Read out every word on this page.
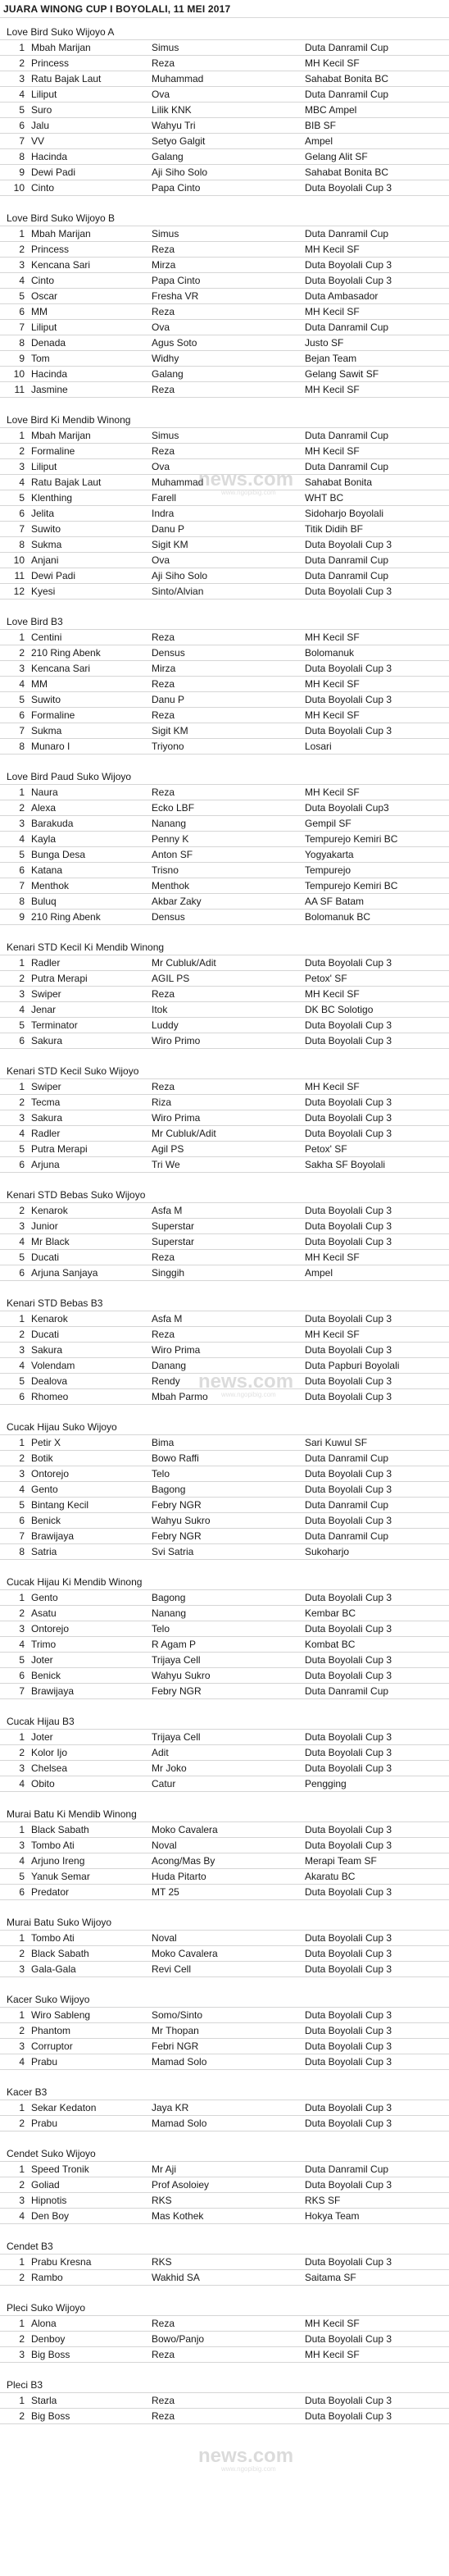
JUARA WINONG CUP I BOYOLALI, 11 MEI 2017
Love Bird Suko Wijoyo A
1 Mbah Marijan	Simus	Duta Danramil Cup
2 Princess	Reza	MH Kecil SF
3 Ratu Bajak Laut	Muhammad	Sahabat Bonita BC
4 Liliput	Ova	Duta Danramil Cup
5 Suro	Lilik KNK	MBC Ampel
6 Jalu	Wahyu Tri	BIB SF
7 VV	Setyo Galgit	Ampel
8 Hacinda	Galang	Gelang Alit SF
9 Dewi Padi	Aji Siho Solo	Sahabat Bonita BC
10 Cinto	Papa Cinto	Duta Boyolali Cup 3
Love Bird Suko Wijoyo B
1 Mbah Marijan	Simus	Duta Danramil Cup
2 Princess	Reza	MH Kecil SF
3 Kencana Sari	Mirza	Duta Boyolali Cup 3
4 Cinto	Papa Cinto	Duta Boyolali Cup 3
5 Oscar	Fresha VR	Duta Ambasador
6 MM	Reza	MH Kecil SF
7 Liliput	Ova	Duta Danramil Cup
8 Denada	Agus Soto	Justo SF
9 Tom	Widhy	Bejan Team
10 Hacinda	Galang	Gelang Sawit SF
11 Jasmine	Reza	MH Kecil SF
Love Bird Ki Mendib Winong
1 Mbah Marijan	Simus	Duta Danramil Cup
2 Formaline	Reza	MH Kecil SF
3 Liliput	Ova	Duta Danramil Cup
4 Ratu Bajak Laut	Muhammad	Sahabat Bonita
5 Klenthing	Farell	WHT BC
6 Jelita	Indra	Sidoharjo Boyolali
7 Suwito	Danu P	Titik Didih BF
8 Sukma	Sigit KM	Duta Boyolali Cup 3
10 Anjani	Ova	Duta Danramil Cup
11 Dewi Padi	Aji Siho Solo	Duta Danramil Cup
12 Kyesi	Sinto/Alvian	Duta Boyolali Cup 3
Love Bird B3
1 Centini	Reza	MH Kecil SF
2 210 Ring Abenk	Densus	Bolomanuk
3 Kencana Sari	Mirza	Duta Boyolali Cup 3
4 MM	Reza	MH Kecil SF
5 Suwito	Danu P	Duta Boyolali Cup 3
6 Formaline	Reza	MH Kecil SF
7 Sukma	Sigit KM	Duta Boyolali Cup 3
8 Munaro I	Triyono	Losari
Love Bird Paud Suko Wijoyo
1 Naura	Reza	MH Kecil SF
2 Alexa	Ecko LBF	Duta Boyolali Cup3
3 Barakuda	Nanang	Gempil SF
4 Kayla	Penny K	Tempurejo Kemiri BC
5 Bunga Desa	Anton SF	Yogyakarta
6 Katana	Trisno	Tempurejo
7 Menthok	Menthok	Tempurejo Kemiri BC
8 Buluq	Akbar Zaky	AA SF Batam
9 210 Ring Abenk	Densus	Bolomanuk BC
Kenari STD Kecil Ki Mendib Winong
1 Radler	Mr Cubluk/Adit	Duta Boyolali Cup 3
2 Putra Merapi	AGIL PS	Petox' SF
3 Swiper	Reza	MH Kecil SF
4 Jenar	Itok	DK BC Solotigo
5 Terminator	Luddy	Duta Boyolali Cup 3
6 Sakura	Wiro Primo	Duta Boyolali Cup 3
Kenari STD Kecil Suko Wijoyo
1 Swiper	Reza	MH Kecil SF
2 Tecma	Riza	Duta Boyolali Cup 3
3 Sakura	Wiro Prima	Duta Boyolali Cup 3
4 Radler	Mr Cubluk/Adit	Duta Boyolali Cup 3
5 Putra Merapi	Agil PS	Petox' SF
6 Arjuna	Tri We	Sakha SF Boyolali
Kenari STD Bebas Suko Wijoyo
2 Kenarok	Asfa M	Duta Boyolali Cup 3
3 Junior	Superstar	Duta Boyolali Cup 3
4 Mr Black	Superstar	Duta Boyolali Cup 3
5 Ducati	Reza	MH Kecil SF
6 Arjuna Sanjaya	Singgih	Ampel
Kenari STD Bebas B3
1 Kenarok	Asfa M	Duta Boyolali Cup 3
2 Ducati	Reza	MH Kecil SF
3 Sakura	Wiro Prima	Duta Boyolali Cup 3
4 Volendam	Danang	Duta Papburi Boyolali
5 Dealova	Rendy	Duta Boyolali Cup 3
6 Rhomeo	Mbah Parmo	Duta Boyolali Cup 3
Cucak Hijau Suko Wijoyo
1 Petir X	Bima	Sari Kuwul SF
2 Botik	Bowo Raffi	Duta Danramil Cup
3 Ontorejo	Telo	Duta Boyolali Cup 3
4 Gento	Bagong	Duta Boyolali Cup 3
5 Bintang Kecil	Febry NGR	Duta Danramil Cup
6 Benick	Wahyu Sukro	Duta Boyolali Cup 3
7 Brawijaya	Febry NGR	Duta Danramil Cup
8 Satria	Svi Satria	Sukoharjo
Cucak Hijau Ki Mendib Winong
1 Gento	Bagong	Duta Boyolali Cup 3
2 Asatu	Nanang	Kembar BC
3 Ontorejo	Telo	Duta Boyolali Cup 3
4 Trimo	R Agam P	Kombat BC
5 Joter	Trijaya Cell	Duta Boyolali Cup 3
6 Benick	Wahyu Sukro	Duta Boyolali Cup 3
7 Brawijaya	Febry NGR	Duta Danramil Cup
Cucak Hijau B3
1 Joter	Trijaya Cell	Duta Boyolali Cup 3
2 Kolor Ijo	Adit	Duta Boyolali Cup 3
3 Chelsea	Mr Joko	Duta Boyolali Cup 3
4 Obito	Catur	Pengging
Murai Batu Ki Mendib Winong
1 Black Sabath	Moko Cavalera	Duta Boyolali Cup 3
3 Tombo Ati	Noval	Duta Boyolali Cup 3
4 Arjuno Ireng	Acong/Mas By	Merapi Team SF
5 Yanuk Semar	Huda Pitarto	Akaratu BC
6 Predator	MT 25	Duta Boyolali Cup 3
Murai Batu Suko Wijoyo
1 Tombo Ati	Noval	Duta Boyolali Cup 3
2 Black Sabath	Moko Cavalera	Duta Boyolali Cup 3
3 Gala-Gala	Revi Cell	Duta Boyolali Cup 3
Kacer Suko Wijoyo
1 Wiro Sableng	Somo/Sinto	Duta Boyolali Cup 3
2 Phantom	Mr Thopan	Duta Boyolali Cup 3
3 Corruptor	Febri NGR	Duta Boyolali Cup 3
4 Prabu	Mamad Solo	Duta Boyolali Cup 3
Kacer B3
1 Sekar Kedaton	Jaya KR	Duta Boyolali Cup 3
2 Prabu	Mamad Solo	Duta Boyolali Cup 3
Cendet Suko Wijoyo
1 Speed Tronik	Mr Aji	Duta Danramil Cup
2 Goliad	Prof Asoloiey	Duta Boyolali Cup 3
3 Hipnotis	RKS	RKS SF
4 Den Boy	Mas Kothek	Hokya Team
Cendet B3
1 Prabu Kresna	RKS	Duta Boyolali Cup 3
2 Rambo	Wakhid SA	Saitama SF
Pleci Suko Wijoyo
1 Alona	Reza	MH Kecil SF
2 Denboy	Bowo/Panjo	Duta Boyolali Cup 3
3 Big Boss	Reza	MH Kecil SF
Pleci B3
1 Starla	Reza	Duta Boyolali Cup 3
2 Big Boss	Reza	Duta Boyolali Cup 3
news.com
www.ngopibig.com
news.com
www.ngopibig.com
news.com
www.ngopibig.com
